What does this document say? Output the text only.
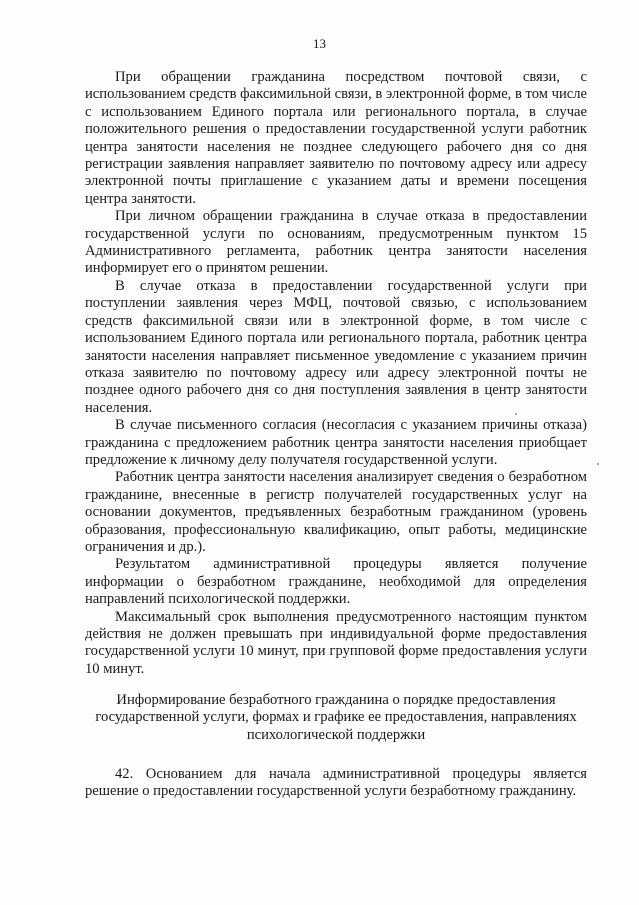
13

При обращении гражданина посредством почтовой связи, с использованием средств факсимильной связи, в электронной форме, в том числе с использованием Единого портала или регионального портала, в случае положительного решения о предоставлении государственной услуги работник центра занятости населения не позднее следующего рабочего дня со дня регистрации заявления направляет заявителю по почтовому адресу или адресу электронной почты приглашение с указанием даты и времени посещения центра занятости.

При личном обращении гражданина в случае отказа в предоставлении государственной услуги по основаниям, предусмотренным пунктом 15 Административного регламента, работник центра занятости населения информирует его о принятом решении.

В случае отказа в предоставлении государственной услуги при поступлении заявления через МФЦ, почтовой связью, с использованием средств факсимильной связи или в электронной форме, в том числе с использованием Единого портала или регионального портала, работник центра занятости населения направляет письменное уведомление с указанием причин отказа заявителю по почтовому адресу или адресу электронной почты не позднее одного рабочего дня со дня поступления заявления в центр занятости населения.

В случае письменного согласия (несогласия с указанием причины отказа) гражданина с предложением работник центра занятости населения приобщает предложение к личному делу получателя государственной услуги.

Работник центра занятости населения анализирует сведения о безработном гражданине, внесенные в регистр получателей государственных услуг на основании документов, предъявленных безработным гражданином (уровень образования, профессиональную квалификацию, опыт работы, медицинские ограничения и др.).

Результатом административной процедуры является получение информации о безработном гражданине, необходимой для определения направлений психологической поддержки.

Максимальный срок выполнения предусмотренного настоящим пунктом действия не должен превышать при индивидуальной форме предоставления государственной услуги 10 минут, при групповой форме предоставления услуги 10 минут.

Информирование безработного гражданина о порядке предоставления государственной услуги, формах и графике ее предоставления, направлениях психологической поддержки

42. Основанием для начала административной процедуры является решение о предоставлении государственной услуги безработному гражданину.
